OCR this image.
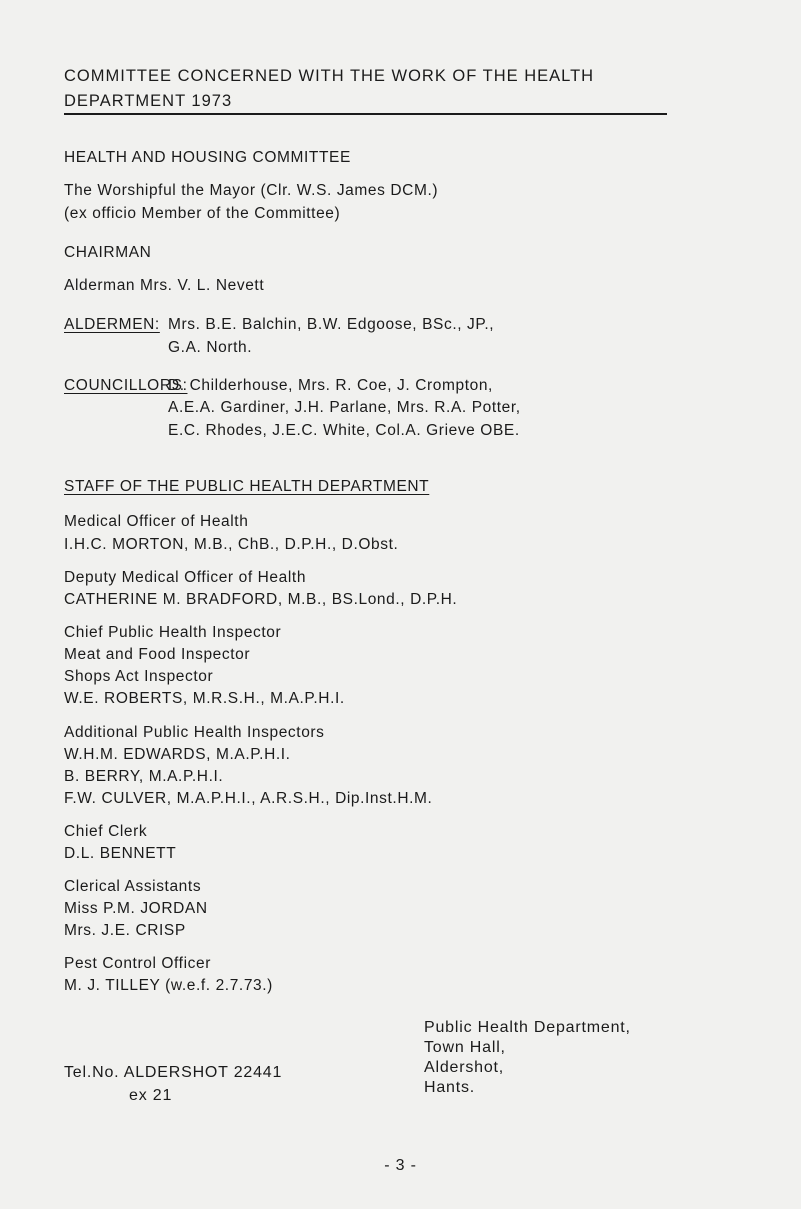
COMMITTEE CONCERNED WITH THE WORK OF THE HEALTH
DEPARTMENT 1973
HEALTH AND HOUSING COMMITTEE
The Worshipful the Mayor (Clr. W.S. James DCM.)
(ex officio Member of the Committee)
CHAIRMAN
Alderman Mrs. V. L. Nevett
ALDERMEN: Mrs. B.E. Balchin, B.W. Edgoose, BSc., JP.,
G.A. North.
COUNCILLORS:
D. Childerhouse, Mrs. R. Coe, J. Crompton,
A.E.A. Gardiner, J.H. Parlane, Mrs. R.A. Potter,
E.C. Rhodes, J.E.C. White, Col.A. Grieve OBE.
STAFF OF THE PUBLIC HEALTH DEPARTMENT
Medical Officer of Health
I.H.C. MORTON, M.B., ChB., D.P.H., D.Obst.
Deputy Medical Officer of Health
CATHERINE M. BRADFORD, M.B., BS.Lond., D.P.H.
Chief Public Health Inspector
Meat and Food Inspector
Shops Act Inspector
W.E. ROBERTS, M.R.S.H., M.A.P.H.I.
Additional Public Health Inspectors
W.H.M. EDWARDS, M.A.P.H.I.
B. BERRY, M.A.P.H.I.
F.W. CULVER, M.A.P.H.I., A.R.S.H., Dip.Inst.H.M.
Chief Clerk
D.L. BENNETT
Clerical Assistants
Miss P.M. JORDAN
Mrs. J.E. CRISP
Pest Control Officer
M. J. TILLEY (w.e.f. 2.7.73.)
Tel.No. ALDERSHOT 22441
ex 21
Public Health Department,
Town Hall,
Aldershot,
Hants.
- 3 -
